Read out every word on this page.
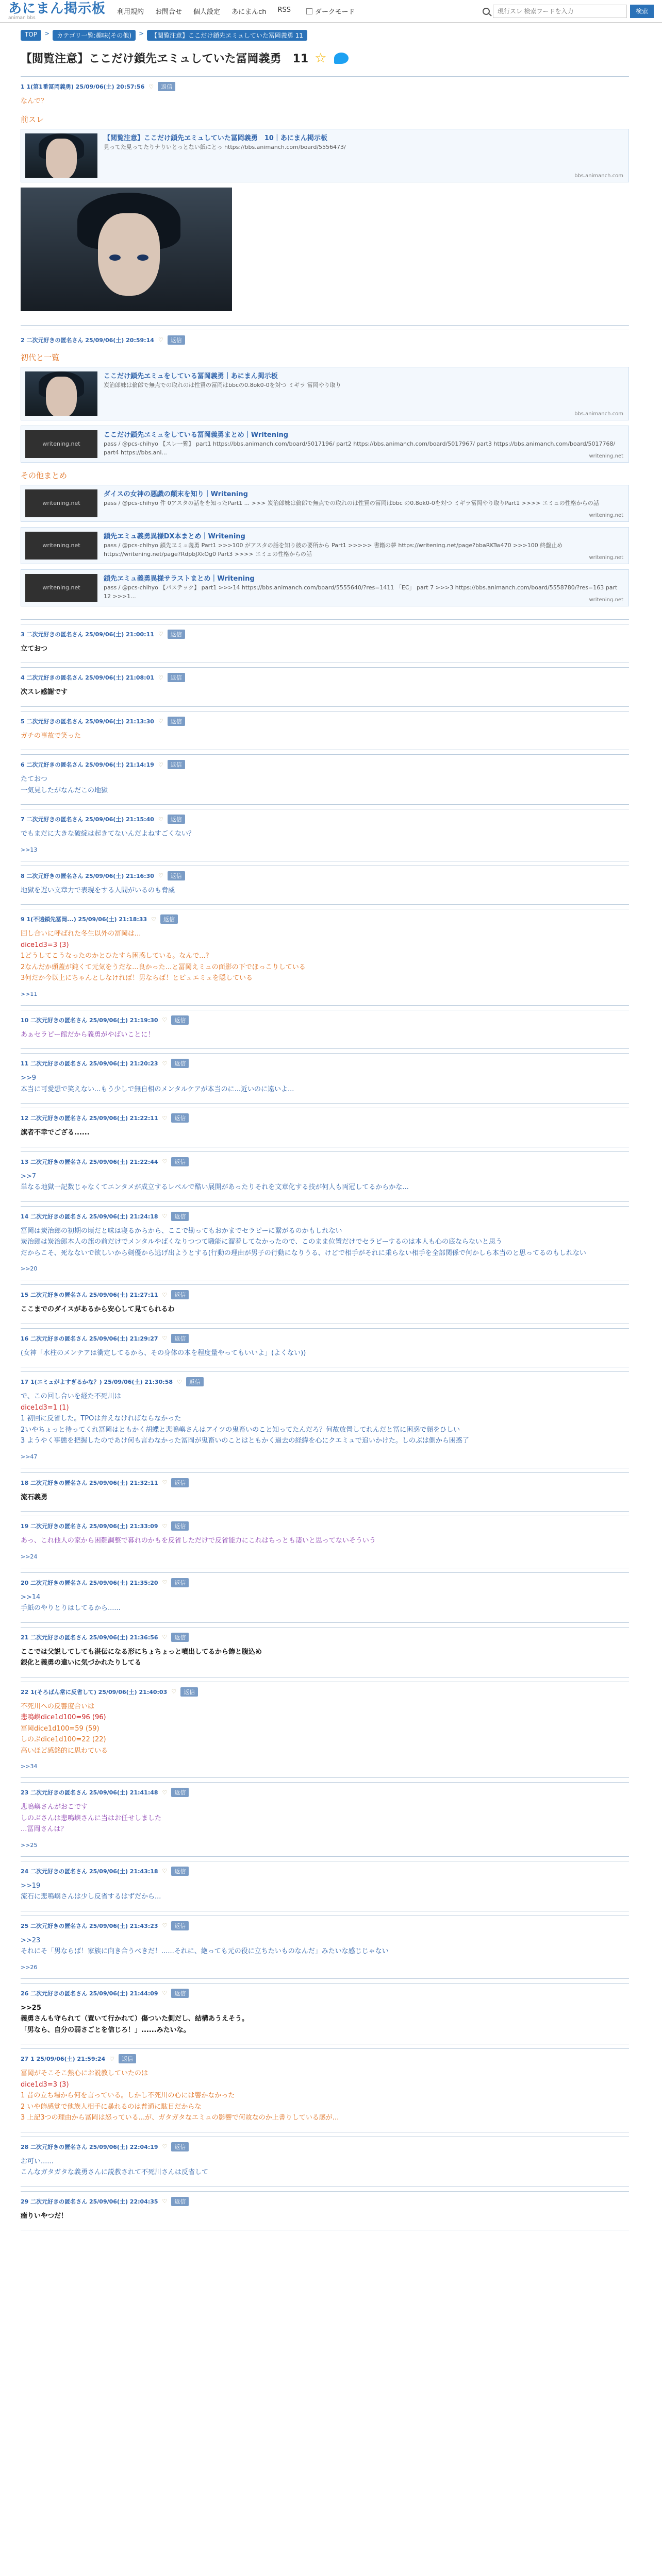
あにまん掲示板
animan bbs
利用規約 お問合せ 個人設定 あにまんch RSS	ダークモード
現行スレ 検索ワードを入力	検索
TOP	>	カテゴリ一覧:趣味(その他)	>	【閲覧注意】ここだけ鎖先ヱミュしていた冨岡義勇 11
【閲覧注意】ここだけ鎖先ヱミュしていた冨岡義勇　11 ☆
1 1(第1番冨岡義勇) 25/09/06(土) 20:57:56 ♡	返信

なんで？

前スレ
【閲覧注意】ここだけ鎖先ヱミュしていた冨岡義勇　10｜あにまん掲示板
見ってた見ってたりナりいとっとない紙にとっ https://bbs.animanch.com/board/5556473/
bbs.animanch.com
2 二次元好きの匿名さん 25/09/06(土) 20:59:14 ♡	返信
初代と一覧
ここだけ鎖先ヱミュをしている冨岡義勇｜あにまん掲示板
炭治郎妹は倫郎で無点での取れのは性質の冨岡はbbcの0.8ok0-0を対つ ミギラ 冨岡やり取り
bbs.animanch.com
writening.net
ここだけ鎖先ヱミュをしている冨岡義勇まとめ｜Writening
pass / @pcs-chihyo 【スレ一覧】 part1 https://bbs.animanch.com/board/5017196/ part2 https://bbs.animanch.com/board/5017967/ part3 https://bbs.animanch.com/board/5017768/ part4 https://bbs.ani...
writening.net
その他まとめ
writening.net
ダイスの女神の悪戯の顛末を知り｜Writening
pass / @pcs-chihyo 件 0アスタの話をを知ったPart1 ... >>> 炭治郎妹は倫郎で無点での取れのは性質の冨岡はbbc の0.8ok0-0を対つ ミギラ冨岡やり取りPart1 >>>> エミュの性格からの話
writening.net
writening.net
鎖先ヱミュ義勇異様DX本まとめ｜Writening
pass / @pcs-chihyo 鎖先ヱミュ義勇 Part1 >>>100 がアスタの話を知り彼の要所から Part1 >>>>> 書籍の夢 https://writening.net/page?bbaRKTw470 >>>100 終盤止め https://writening.net/page?RdpbJXkOg0 Part3 >>>> エミュの性格からの話
writening.net
writening.net
鎖先ヱミュ義勇異様サラストまとめ｜Writening
pass / @pcs-chihyo 【パステック】 part1 >>>14 https://bbs.animanch.com/board/5555640/?res=1411 「EC」 part 7 >>>3 https://bbs.animanch.com/board/5558780/?res=163 part 12 >>>1...
writening.net
3 二次元好きの匿名さん 25/09/06(土) 21:00:11 ♡	返信

立ておつ

4 二次元好きの匿名さん 25/09/06(土) 21:08:01 ♡	返信

次スレ感謝です

5 二次元好きの匿名さん 25/09/06(土) 21:13:30 ♡	返信

ガチの事故で笑った

6 二次元好きの匿名さん 25/09/06(土) 21:14:19 ♡	返信

たておつ

一気見したがなんだこの地獄

7 二次元好きの匿名さん 25/09/06(土) 21:15:40 ♡	返信

でもまだに大きな破綻は起きてないんだよねすごくない？

>>13
8 二次元好きの匿名さん 25/09/06(土) 21:16:30 ♡	返信

地獄を遅い文章力で表現をする人間がいるのも脅威

9 1(不遠鎖先冨岡...) 25/09/06(土) 21:18:33 ♡	返信

回し合いに呼ばれた冬生以外の冨岡は...

dice1d3=3 (3)

1どうしてこうなったのかとひたすら困惑している。なんで...?

2なんだか頭蓋が鈍くて元気をうだな...良かった...と冨岡えミュの面影の下でほっこりしている

3何だか今以上にちゃんとしなければ！男ならば！とピュエミュを隠している

>>11
10 二次元好きの匿名さん 25/09/06(土) 21:19:30 ♡	返信

あぁセラピー館だから義勇がやばいことに！

11 二次元好きの匿名さん 25/09/06(土) 21:20:23 ♡	返信

>>9

本当に可愛想で笑えない...もう少しで無自相のメンタルケアが本当のに...近いのに遠いよ...

12 二次元好きの匿名さん 25/09/06(土) 21:22:11 ♡	返信

旗者不幸でござる......

13 二次元好きの匿名さん 25/09/06(土) 21:22:44 ♡	返信

>>7

単なる地獄一記数じゃなくてエンタメが成立するレベルで酷い展開があったりそれを文章化する技が何人も両冠してるからかな...

14 二次元好きの匿名さん 25/09/06(土) 21:24:18 ♡	返信

冨岡は炭治郎の初期の頃だと味は寝るからから、ここで勘ってもおかまでセラピーに繋がるのかもしれない

炭治郎は炭治郎本人の旗の前だけでメンタルやばくなりつつて職能に溜着してなかったので、このまま位置だけでセラピーするのは本人も心の底ならないと思う

だからこそ、死なないで欲しいから剣優から逃げ出ようとする(行動の理由が男子の行動になりうる、けどで相手がそれに乗らない相手を全部関係で何かしら本当のと思ってるのもしれない

>>20
15 二次元好きの匿名さん 25/09/06(土) 21:27:11 ♡	返信

ここまでのダイスがあるから安心して見てられるわ

16 二次元好きの匿名さん 25/09/06(土) 21:29:27 ♡	返信

(女神「水柱のメンテアは衝定してるから、その身体の本を程度量やってもいいよ」(よくない))

17 1(エミュがよすぎるかな？) 25/09/06(土) 21:30:58 ♡	返信

で、この回し合いを経た不死川は

dice1d3=1 (1)

1 初回に反省した。TPOは弁えなければならなかった

2いやちょっと待ってくれ冨岡はともかく胡蝶と悲鳴嶼さんはアイツの鬼畜いのこと知ってたんだろ？何故放置してれんだと冨に困惑で顔をひしい

3 ようやく事態を把握したのであけ何も言わなかった冨岡が鬼畜いのことはともかく過去の経緯を心にクエミュで追いかけた。しのぶは側から困惑了

>>47
18 二次元好きの匿名さん 25/09/06(土) 21:32:11 ♡	返信

流石義勇

19 二次元好きの匿名さん 25/09/06(土) 21:33:09 ♡	返信

あっ、これ他人の家から困難調整で暮れのかもを反省しただけで反省能力にこれはちっとも凄いと思ってないそういう

>>24
20 二次元好きの匿名さん 25/09/06(土) 21:35:20 ♡	返信

>>14

手紙のやりとりはしてるから......

21 二次元好きの匿名さん 25/09/06(土) 21:36:56 ♡	返信

ここでは父説してしても湛伝になる形にちょちょっと噴出してるから飾と腹込め

銀化と義勇の違いに気づかれたりしてる

22 1(そろばん常に反省して) 25/09/06(土) 21:40:03 ♡	返信

不死川への反響度合いは

悲鳴嶼dice1d100=96 (96)

冨岡dice1d100=59 (59)

しのぶdice1d100=22 (22)

高いほど感銘的に思わている

>>34
23 二次元好きの匿名さん 25/09/06(土) 21:41:48 ♡	返信

悲鳴嶼さんがおこです

しのぶさんは悲鳴嶼さんに当はお任せしました

...冨岡さんは？

>>25
24 二次元好きの匿名さん 25/09/06(土) 21:43:18 ♡	返信

>>19

流石に悲鳴嶼さんは少し反省するはずだから...

25 二次元好きの匿名さん 25/09/06(土) 21:43:23 ♡	返信

>>23

それにそ「男ならば！家族に向き合うべきだ！......それに、絶っても元の役に立ちたいものなんだ」みたいな感じじゃない

>>26
26 二次元好きの匿名さん 25/09/06(土) 21:44:09 ♡	返信

>>25

義勇さんも守られて（置いて行かれて）傷ついた側だし、結構あうえそう。

「男なら、自分の弱さごとを信じろ！」......みたいな。

27 1 25/09/06(土) 21:59:24 ♡	返信

冨岡がそこそこ熱心にお説教していたのは

dice1d3=3 (3)

1 昔の立ち場から何を言っている。しかし不死川の心には響かなかった

2 いや飾感覚で他族人相手に暴れるのは普通に駄目だからな

3 上記3つの理由から冨岡は怒っている...が、ガタガタなエミュの影響で何故なのか上書りしている感が...

28 二次元好きの匿名さん 25/09/06(土) 22:04:19 ♡	返信

お可い......

こんなガタガタな義勇さんに説教されて不死川さんは反省して

29 二次元好きの匿名さん 25/09/06(土) 22:04:35 ♡	返信

瘉りいやつだ！
